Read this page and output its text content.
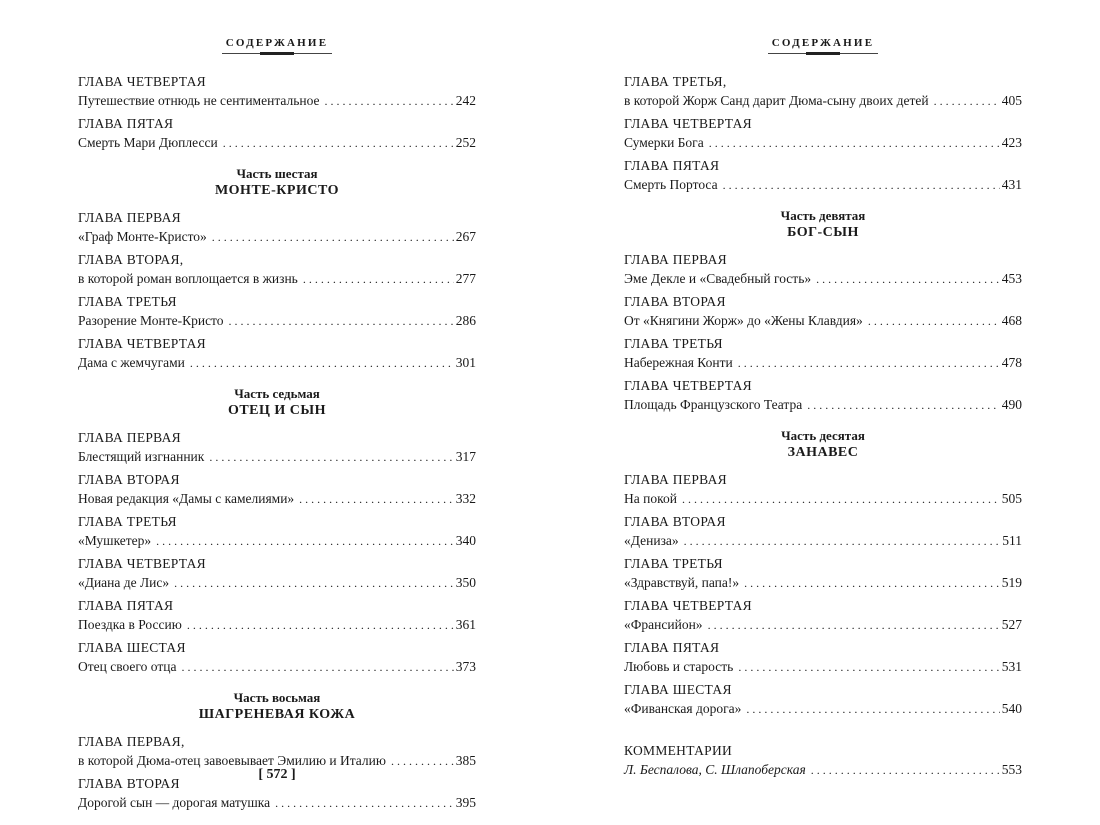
СОДЕРЖАНИЕ
ГЛАВА ЧЕТВЕРТАЯ
Путешествие отнюдь не сентиментальное . . .	242
ГЛАВА ПЯТАЯ
Смерть Мари Дюплесси . . .	252
Часть шестая
МОНТЕ-КРИСТО
ГЛАВА ПЕРВАЯ
«Граф Монте-Кристо» . . .	267
ГЛАВА ВТОРАЯ,
в которой роман воплощается в жизнь . . .	277
ГЛАВА ТРЕТЬЯ
Разорение Монте-Кристо . . .	286
ГЛАВА ЧЕТВЕРТАЯ
Дама с жемчугами . . .	301
Часть седьмая
ОТЕЦ И СЫН
ГЛАВА ПЕРВАЯ
Блестящий изгнанник . . .	317
ГЛАВА ВТОРАЯ
Новая редакция «Дамы с камелиями» . . .	332
ГЛАВА ТРЕТЬЯ
«Мушкетер» . . .	340
ГЛАВА ЧЕТВЕРТАЯ
«Диана де Лис» . . .	350
ГЛАВА ПЯТАЯ
Поездка в Россию . . .	361
ГЛАВА ШЕСТАЯ
Отец своего отца . . .	373
Часть восьмая
ШАГРЕНЕВАЯ КОЖА
ГЛАВА ПЕРВАЯ,
в которой Дюма-отец завоевывает Эмилию и Италию . . .	385
ГЛАВА ВТОРАЯ
Дорогой сын — дорогая матушка . . .	395
[ 572 ]
СОДЕРЖАНИЕ
ГЛАВА ТРЕТЬЯ,
в которой Жорж Санд дарит Дюма-сыну двоих детей . . .	405
ГЛАВА ЧЕТВЕРТАЯ
Сумерки Бога . . .	423
ГЛАВА ПЯТАЯ
Смерть Портоса . . .	431
Часть девятая
БОГ-СЫН
ГЛАВА ПЕРВАЯ
Эме Декле и «Свадебный гость» . . .	453
ГЛАВА ВТОРАЯ
От «Княгини Жорж» до «Жены Клавдия» . . .	468
ГЛАВА ТРЕТЬЯ
Набережная Конти . . .	478
ГЛАВА ЧЕТВЕРТАЯ
Площадь Французского Театра . . .	490
Часть десятая
ЗАНАВЕС
ГЛАВА ПЕРВАЯ
На покой . . .	505
ГЛАВА ВТОРАЯ
«Дениза» . . .	511
ГЛАВА ТРЕТЬЯ
«Здравствуй, папа!» . . .	519
ГЛАВА ЧЕТВЕРТАЯ
«Франсийон» . . .	527
ГЛАВА ПЯТАЯ
Любовь и старость . . .	531
ГЛАВА ШЕСТАЯ
«Фиванская дорога» . . .	540
КОММЕНТАРИИ
Л. Беспалова, С. Шлапоберская . . .	553
